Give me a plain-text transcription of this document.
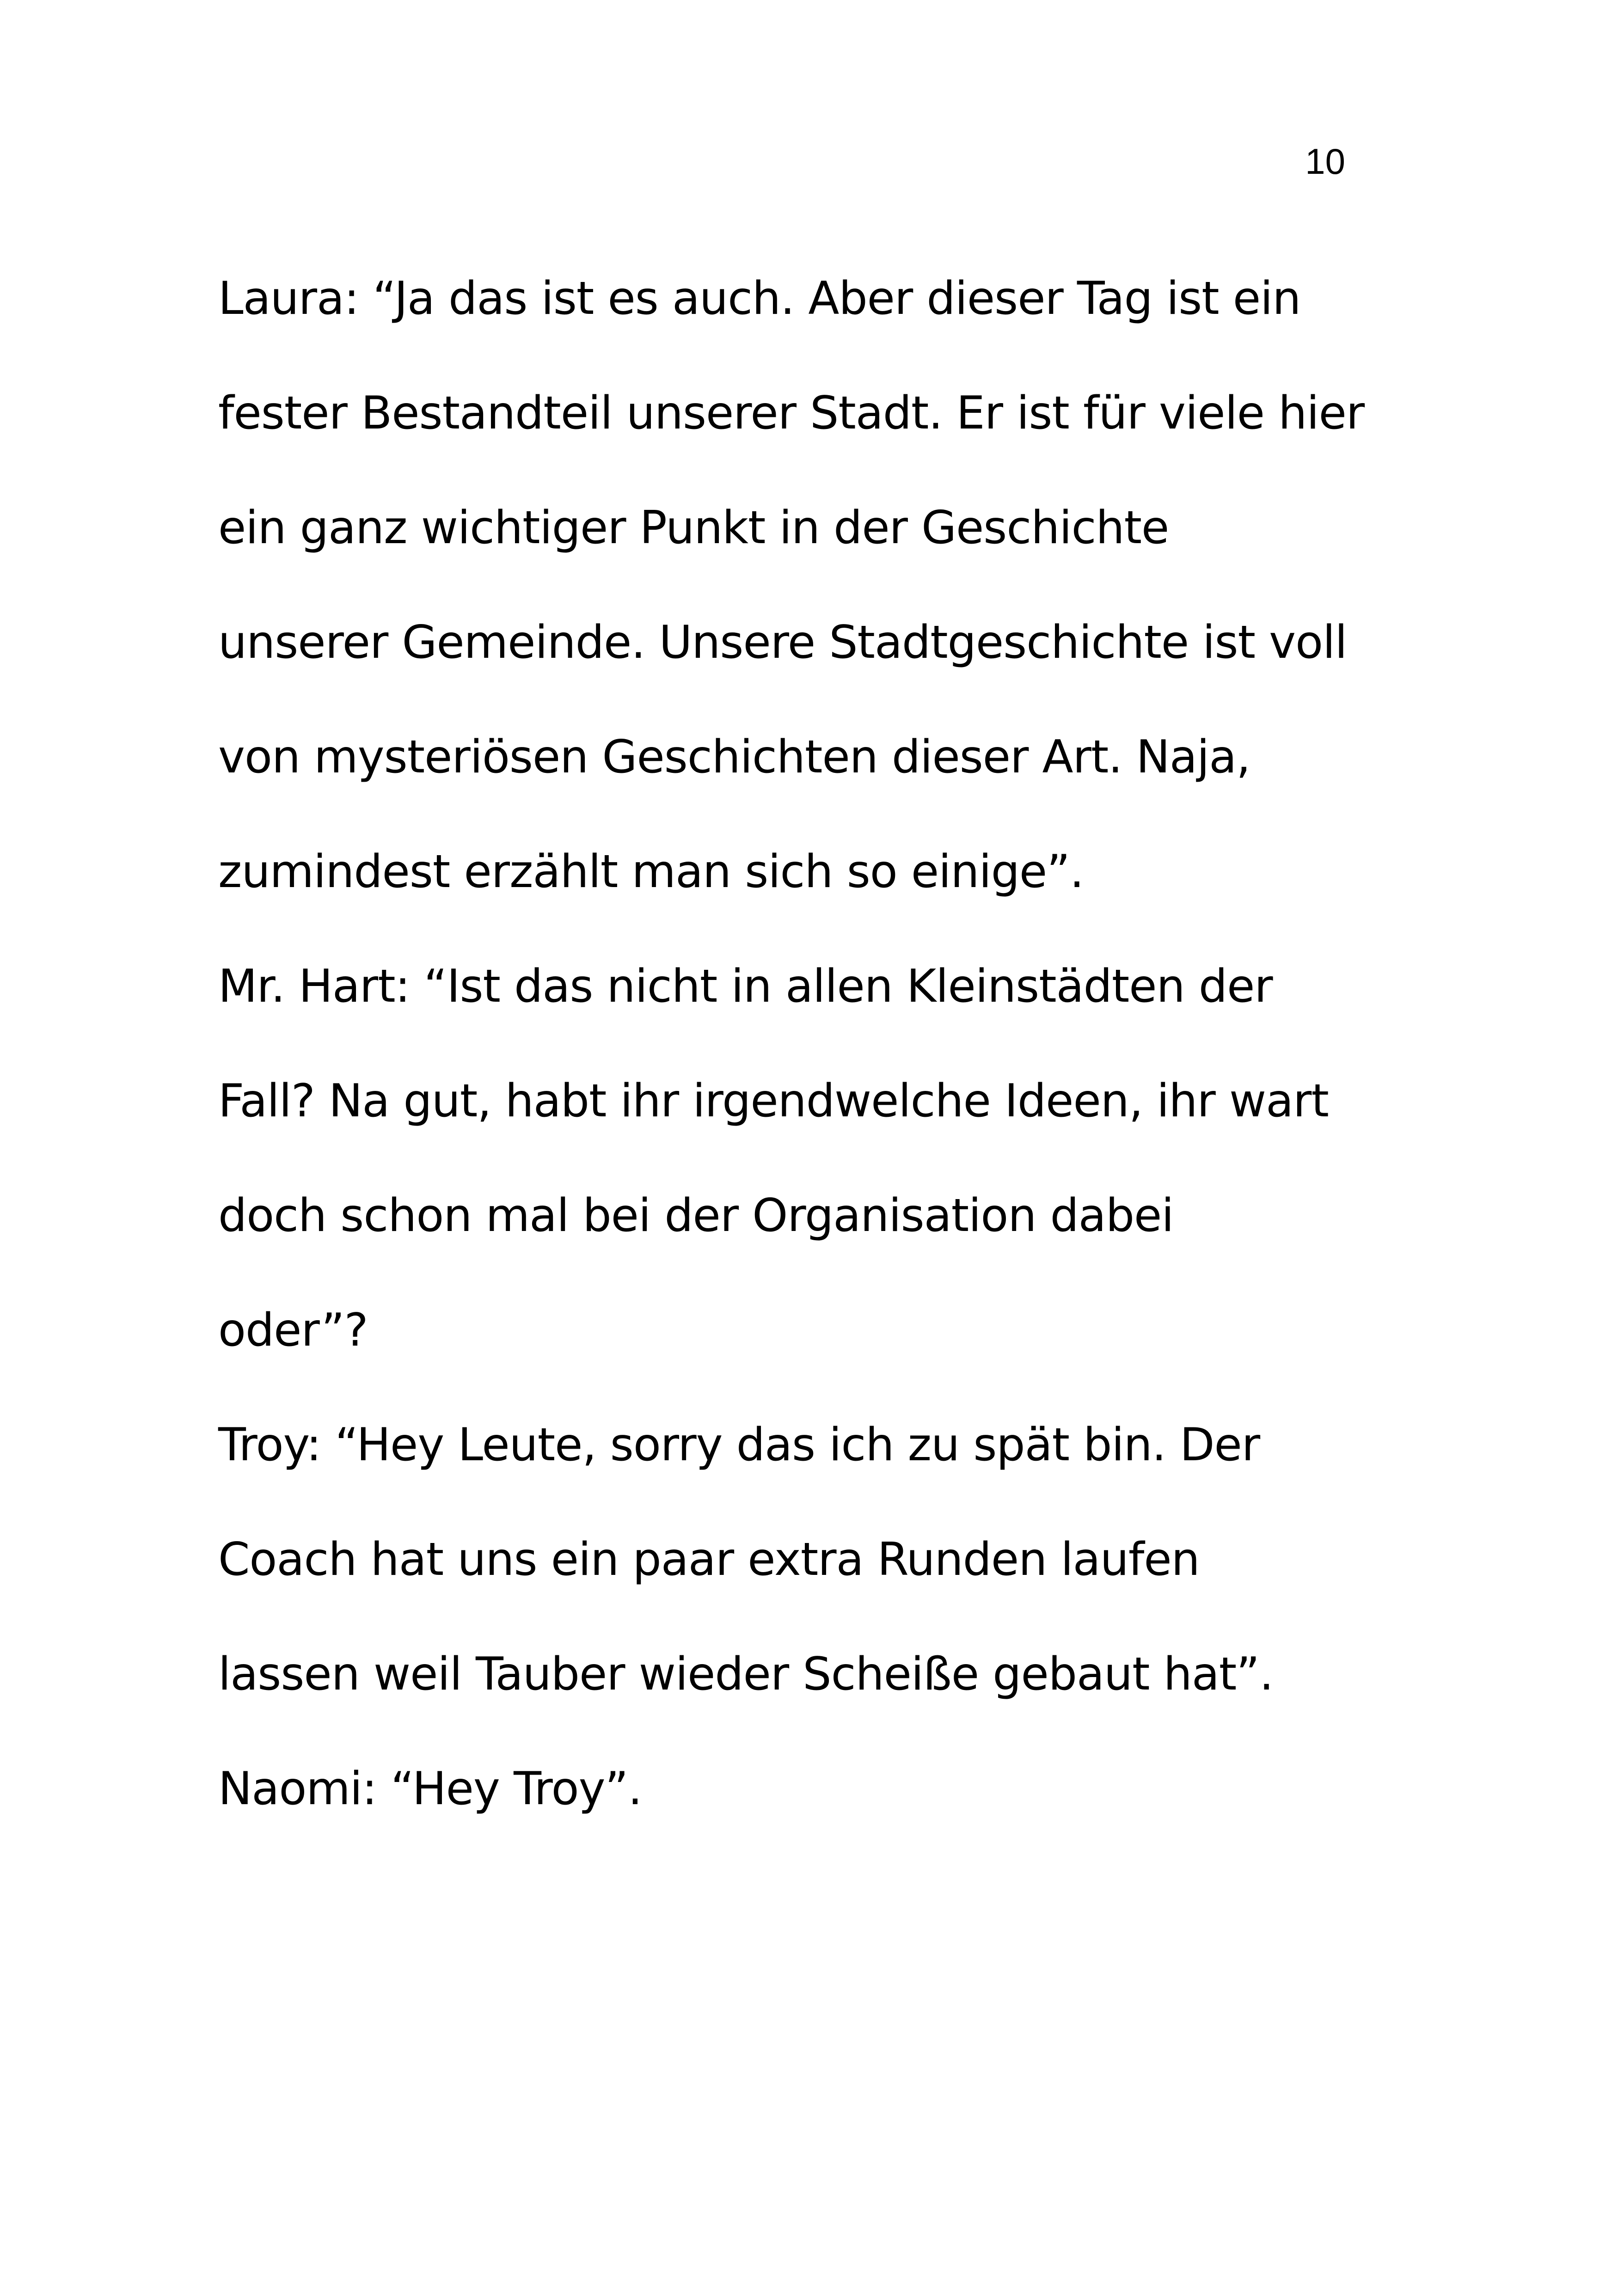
10
Laura: “Ja das ist es auch. Aber dieser Tag ist ein
fester Bestandteil unserer Stadt. Er ist für viele hier
ein ganz wichtiger Punkt in der Geschichte
unserer Gemeinde. Unsere Stadtgeschichte ist voll
von mysteriösen Geschichten dieser Art. Naja,
zumindest erzählt man sich so einige”.
Mr. Hart: “Ist das nicht in allen Kleinstädten der
Fall? Na gut, habt ihr irgendwelche Ideen, ihr wart
doch schon mal bei der Organisation dabei
oder”?
Troy: “Hey Leute, sorry das ich zu spät bin. Der
Coach hat uns ein paar extra Runden laufen
lassen weil Tauber wieder Scheiße gebaut hat”.
Naomi: “Hey Troy”.
